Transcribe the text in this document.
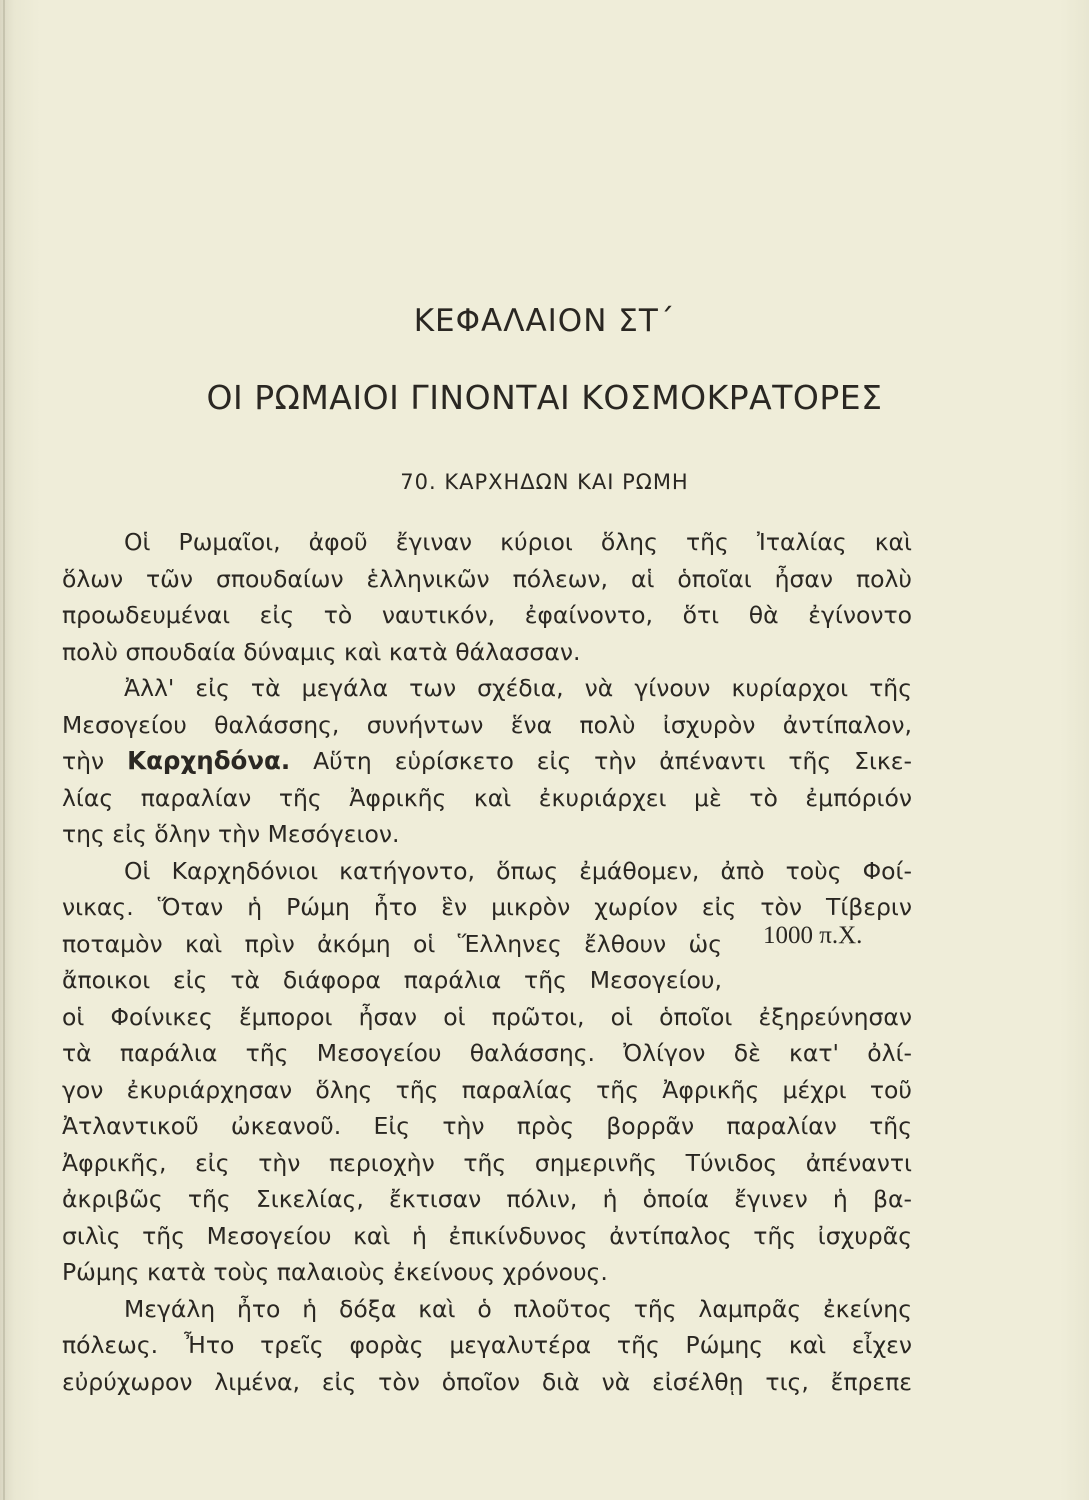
ΚΕΦΑΛΑΙΟΝ ΣΤ΄
ΟΙ ΡΩΜΑΙΟΙ ΓΙΝΟΝΤΑΙ ΚΟΣΜΟΚΡΑΤΟΡΕΣ
70. ΚΑΡΧΗΔΩΝ ΚΑΙ ΡΩΜΗ
Οἱ Ρωμαῖοι, ἀφοῦ ἔγιναν κύριοι ὅλης τῆς Ἰταλίας καὶ
ὅλων τῶν σπουδαίων ἑλληνικῶν πόλεων, αἱ ὁποῖαι ἦσαν πολὺ
προωδευμέναι εἰς τὸ ναυτικόν, ἐφαίνοντο, ὅτι θὰ ἐγίνοντο
πολὺ σπουδαία δύναμις καὶ κατὰ θάλασσαν.
Ἀλλ' εἰς τὰ μεγάλα των σχέδια, νὰ γίνουν κυρίαρχοι τῆς
Μεσογείου θαλάσσης, συνήντων ἕνα πολὺ ἰσχυρὸν ἀντίπαλον,
τὴν Καρχηδόνα. Αὕτη εὑρίσκετο εἰς τὴν ἀπέναντι τῆς Σικε-
λίας παραλίαν τῆς Ἀφρικῆς καὶ ἐκυριάρχει μὲ τὸ ἐμπόριόν
της εἰς ὅλην τὴν Μεσόγειον.
Οἱ Καρχηδόνιοι κατήγοντο, ὅπως ἐμάθομεν, ἀπὸ τοὺς Φοί-
νικας. Ὅταν ἡ Ρώμη ἦτο ἓν μικρὸν χωρίον εἰς τὸν Τίβεριν
ποταμὸν καὶ πρὶν ἀκόμη οἱ Ἕλληνες ἔλθουν ὡς
ἄποικοι εἰς τὰ διάφορα παράλια τῆς Μεσογείου,
οἱ Φοίνικες ἔμποροι ἦσαν οἱ πρῶτοι, οἱ ὁποῖοι ἐξηρεύνησαν
τὰ παράλια τῆς Μεσογείου θαλάσσης. Ὀλίγον δὲ κατ' ὀλί-
γον ἐκυριάρχησαν ὅλης τῆς παραλίας τῆς Ἀφρικῆς μέχρι τοῦ
Ἀτλαντικοῦ ὠκεανοῦ. Εἰς τὴν πρὸς βορρᾶν παραλίαν τῆς
Ἀφρικῆς, εἰς τὴν περιοχὴν τῆς σημερινῆς Τύνιδος ἀπέναντι
ἀκριβῶς τῆς Σικελίας, ἔκτισαν πόλιν, ἡ ὁποία ἔγινεν ἡ βα-
σιλὶς τῆς Μεσογείου καὶ ἡ ἐπικίνδυνος ἀντίπαλος τῆς ἰσχυρᾶς
Ρώμης κατὰ τοὺς παλαιοὺς ἐκείνους χρόνους.
Μεγάλη ἦτο ἡ δόξα καὶ ὁ πλοῦτος τῆς λαμπρᾶς ἐκείνης
πόλεως. Ἦτο τρεῖς φορὰς μεγαλυτέρα τῆς Ρώμης καὶ εἶχεν
εὐρύχωρον λιμένα, εἰς τὸν ὁποῖον διὰ νὰ εἰσέλθῃ τις, ἔπρεπε
1000 π.Χ.
